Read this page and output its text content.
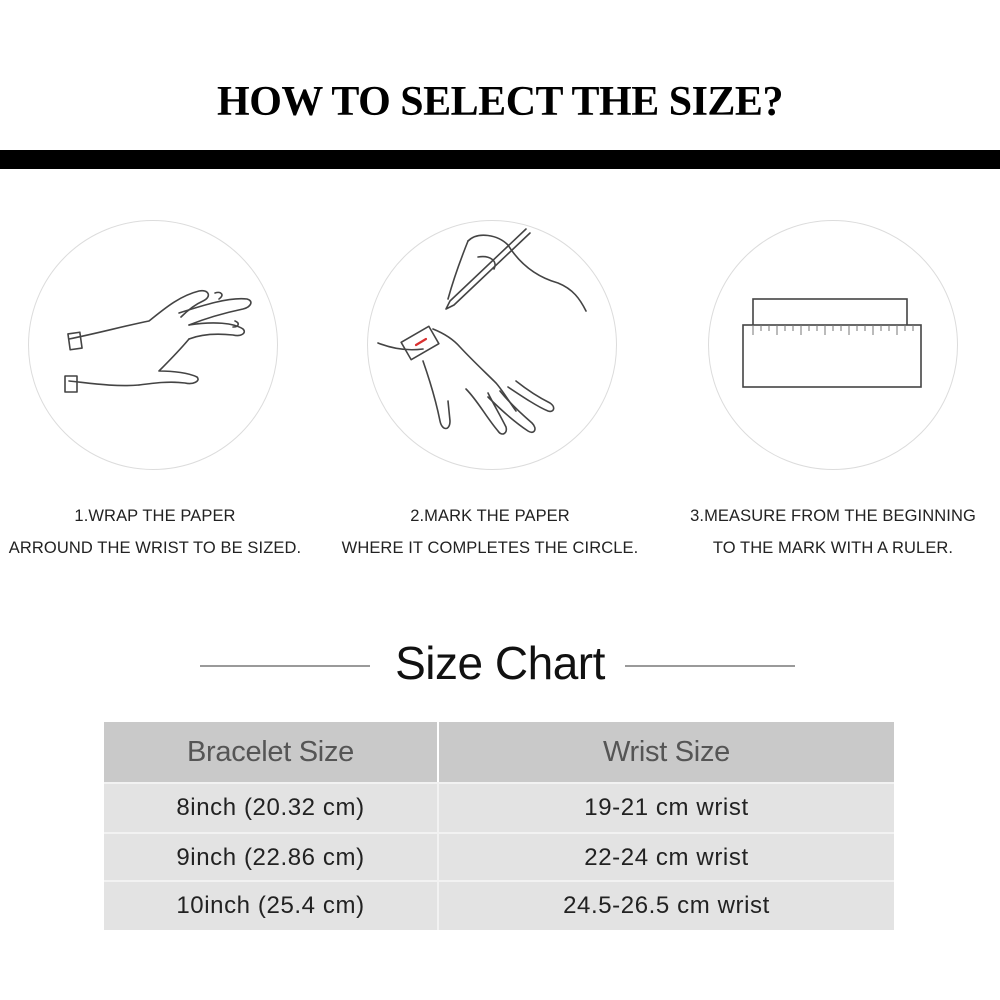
HOW TO SELECT THE SIZE?
1.WRAP THE PAPER
ARROUND THE WRIST TO BE SIZED.
2.MARK THE PAPER
WHERE IT COMPLETES THE CIRCLE.
3.MEASURE FROM THE BEGINNING
TO THE MARK WITH A RULER.
Size Chart
Bracelet Size	Wrist Size
8inch (20.32 cm)	19-21 cm wrist
9inch (22.86 cm)	22-24 cm wrist
10inch (25.4 cm)	24.5-26.5 cm wrist
